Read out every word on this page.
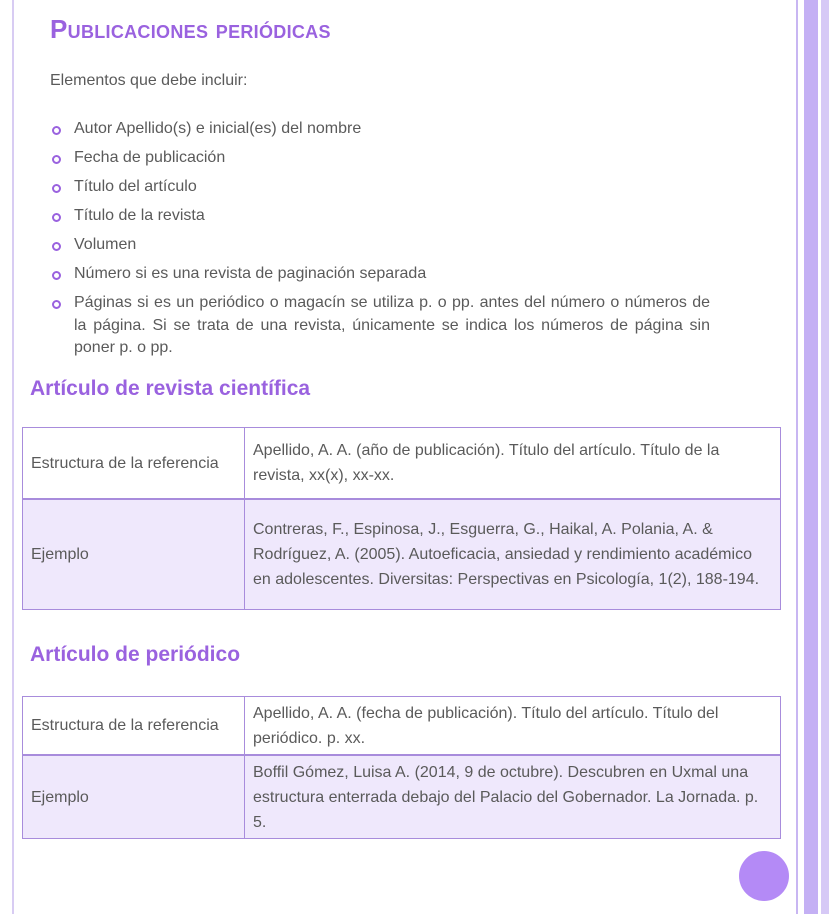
Publicaciones periódicas

Elementos que debe incluir:

Autor Apellido(s) e inicial(es) del nombre
Fecha de publicación
Título del artículo
Título de la revista
Volumen
Número si es una revista de paginación separada
Páginas si es un periódico o magacín se utiliza p. o pp. antes del número o números de la página. Si se trata de una revista, únicamente se indica los números de página sin poner p. o pp.
Artículo de revista científica
Estructura de la referencia	Apellido, A. A. (año de publicación). Título del artículo. Título de la revista, xx(x), xx-xx.
Ejemplo	Contreras, F., Espinosa, J., Esguerra, G., Haikal, A. Polania, A. & Rodríguez, A. (2005). Autoeficacia, ansiedad y rendimiento académico en adolescentes. Diversitas: Perspectivas en Psicología, 1(2), 188-194.
Artículo de periódico
Estructura de la referencia	Apellido, A. A. (fecha de publicación). Título del artículo. Título del periódico. p. xx.
Ejemplo	Boffil Gómez, Luisa A. (2014, 9 de octubre). Descubren en Uxmal una estructura enterrada debajo del Palacio del Gobernador. La Jornada. p. 5.
